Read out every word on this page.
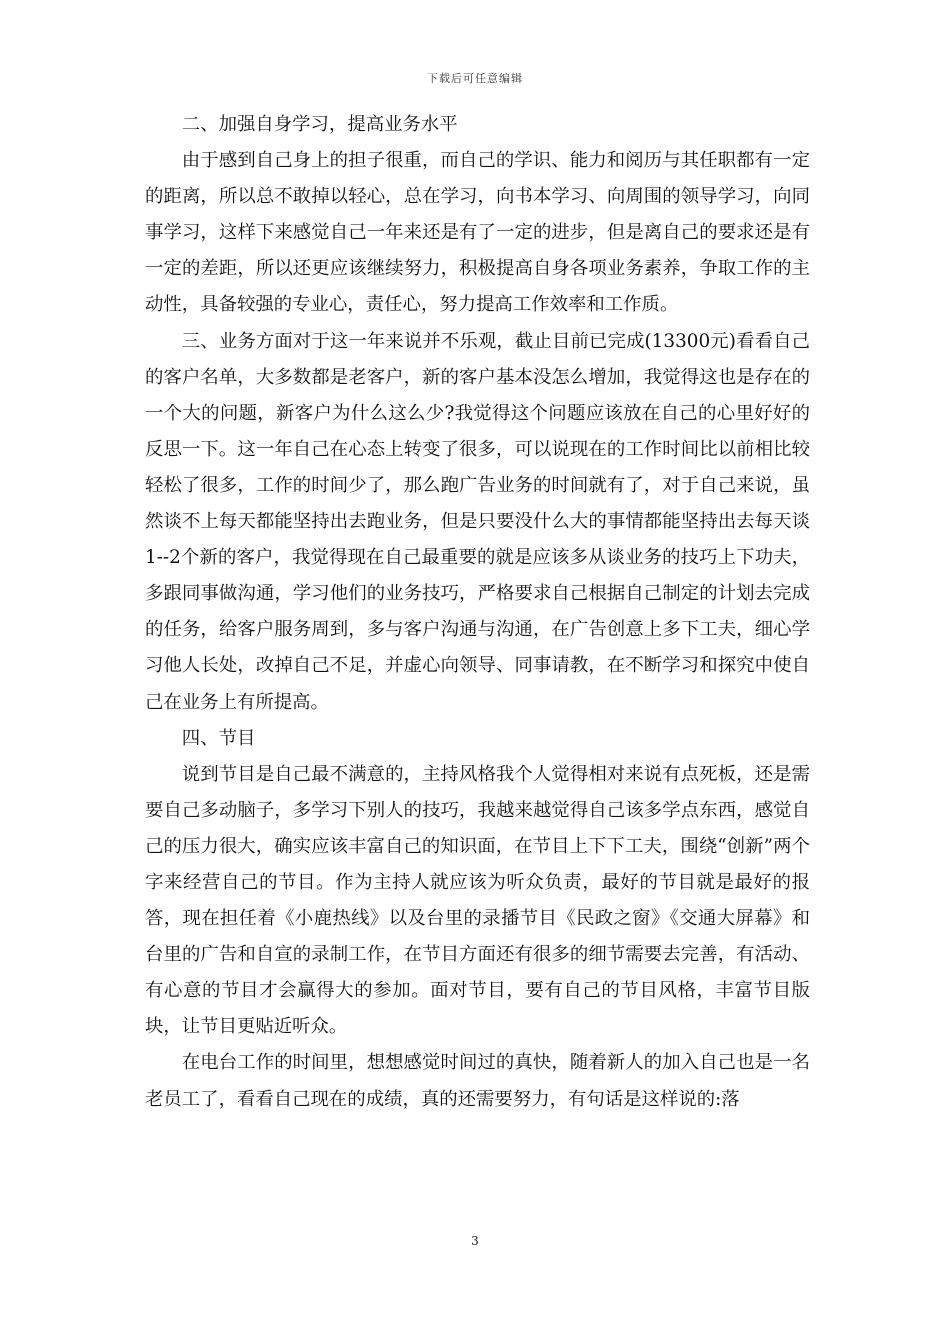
下载后可任意编辑

二、加强自身学习，提高业务水平

由于感到自己身上的担子很重，而自己的学识、能力和阅历与其任职都有一定的距离，所以总不敢掉以轻心，总在学习，向书本学习、向周围的领导学习，向同事学习，这样下来感觉自己一年来还是有了一定的进步，但是离自己的要求还是有一定的差距，所以还更应该继续努力，积极提高自身各项业务素养，争取工作的主动性，具备较强的专业心，责任心，努力提高工作效率和工作质。

三、业务方面对于这一年来说并不乐观，截止目前已完成(13300元)看看自己的客户名单，大多数都是老客户，新的客户基本没怎么增加，我觉得这也是存在的一个大的问题，新客户为什么这么少?我觉得这个问题应该放在自己的心里好好的反思一下。这一年自己在心态上转变了很多，可以说现在的工作时间比以前相比较轻松了很多，工作的时间少了，那么跑广告业务的时间就有了，对于自己来说，虽然谈不上每天都能坚持出去跑业务，但是只要没什么大的事情都能坚持出去每天谈1--2个新的客户，我觉得现在自己最重要的就是应该多从谈业务的技巧上下功夫，多跟同事做沟通，学习他们的业务技巧，严格要求自己根据自己制定的计划去完成的任务，给客户服务周到，多与客户沟通与沟通，在广告创意上多下工夫，细心学习他人长处，改掉自己不足，并虚心向领导、同事请教，在不断学习和探究中使自己在业务上有所提高。

四、节目

说到节目是自己最不满意的，主持风格我个人觉得相对来说有点死板，还是需要自己多动脑子，多学习下别人的技巧，我越来越觉得自己该多学点东西，感觉自己的压力很大，确实应该丰富自己的知识面，在节目上下下工夫，围绕“创新”两个字来经营自己的节目。作为主持人就应该为听众负责，最好的节目就是最好的报答，现在担任着《小鹿热线》以及台里的录播节目《民政之窗》《交通大屏幕》和台里的广告和自宣的录制工作，在节目方面还有很多的细节需要去完善，有活动、有心意的节目才会赢得大的参加。面对节目，要有自己的节目风格，丰富节目版块，让节目更贴近听众。

在电台工作的时间里，想想感觉时间过的真快，随着新人的加入自己也是一名老员工了，看看自己现在的成绩，真的还需要努力，有句话是这样说的:落

3
